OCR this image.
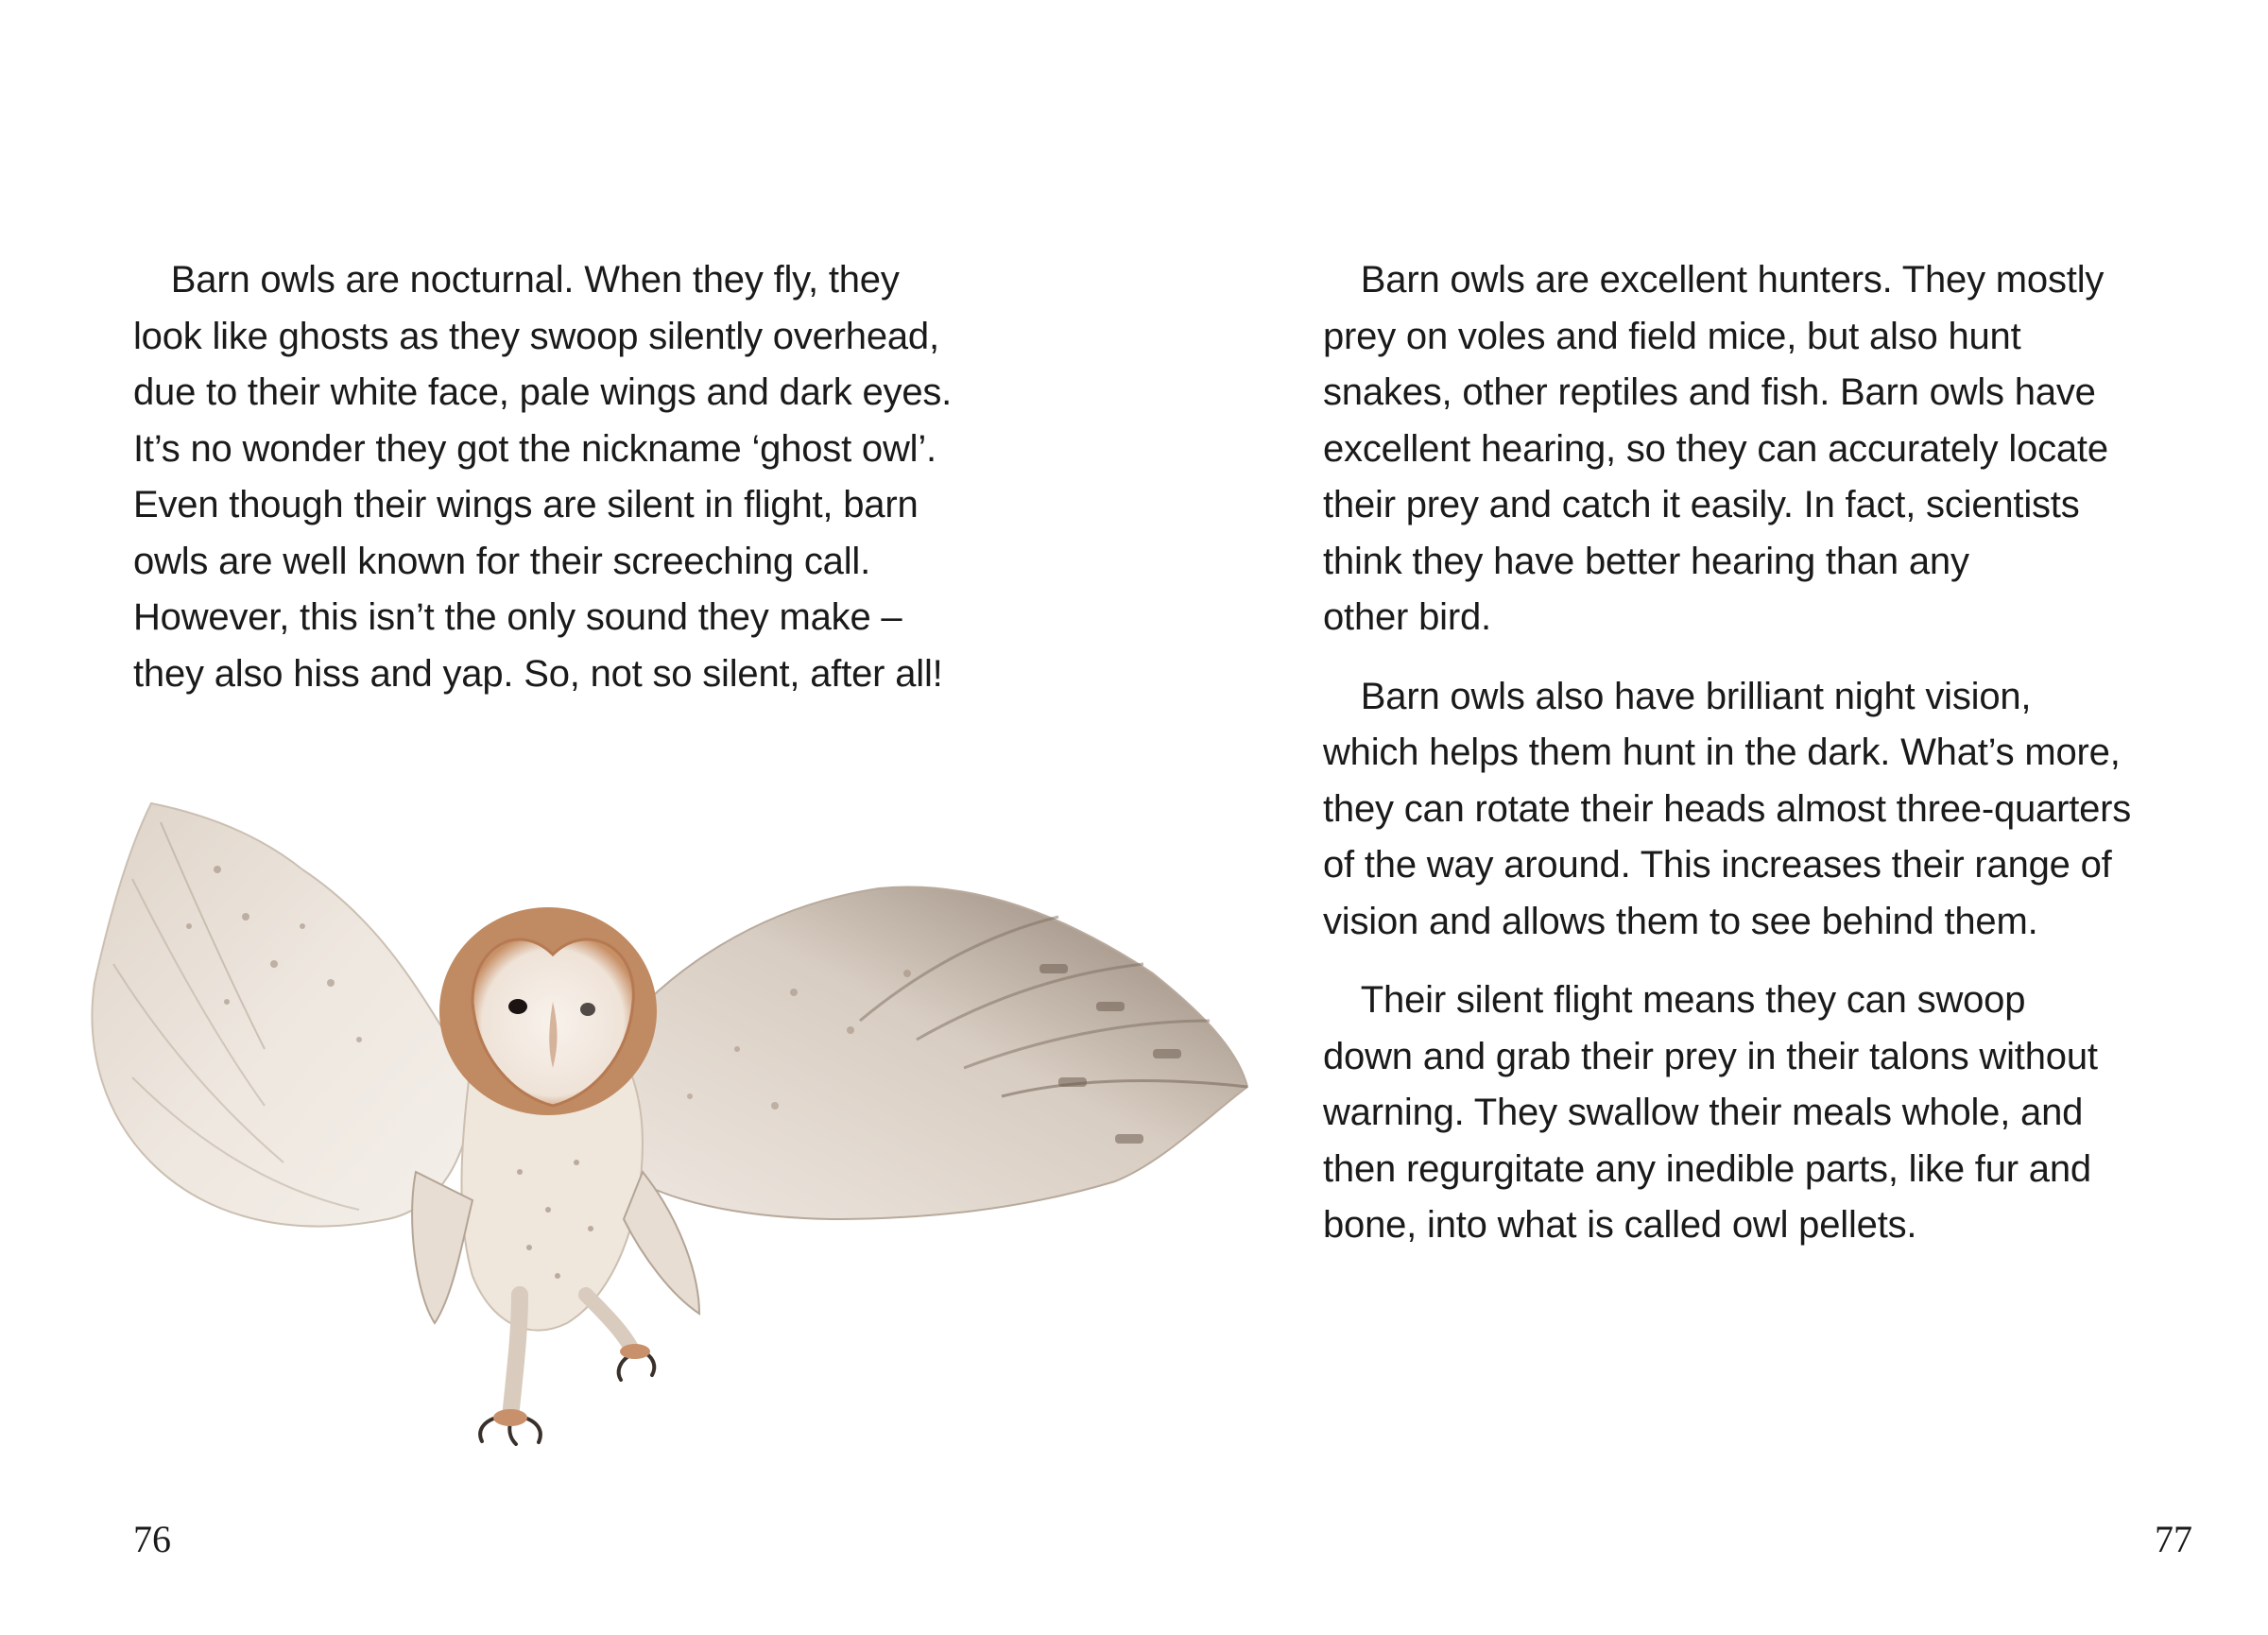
 Barn owls are nocturnal. When they fly, they
look like ghosts as they swoop silently overhead,
due to their white face, pale wings and dark eyes.
It’s no wonder they got the nickname ‘ghost owl’.
Even though their wings are silent in flight, barn
owls are well known for their screeching call.
However, this isn’t the only sound they make –
they also hiss and yap. So, not so silent, after all!

76

 Barn owls are excellent hunters. They mostly
prey on voles and field mice, but also hunt
snakes, other reptiles and fish. Barn owls have
excellent hearing, so they can accurately locate
their prey and catch it easily. In fact, scientists
think they have better hearing than any
other bird.

 Barn owls also have brilliant night vision,
which helps them hunt in the dark. What’s more,
they can rotate their heads almost three-quarters
of the way around. This increases their range of
vision and allows them to see behind them.

 Their silent flight means they can swoop
down and grab their prey in their talons without
warning. They swallow their meals whole, and
then regurgitate any inedible parts, like fur and
bone, into what is called owl pellets.

77
